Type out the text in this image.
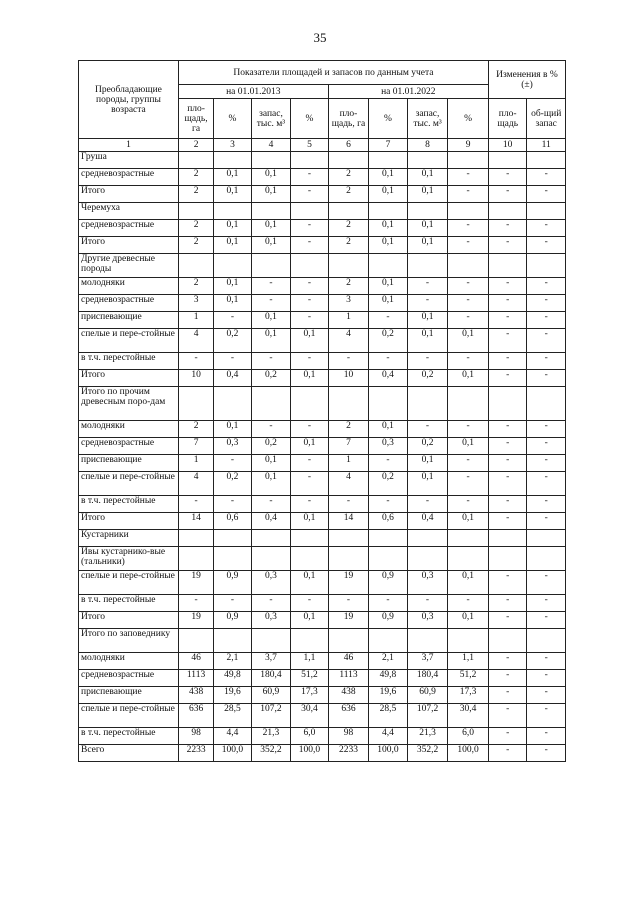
35
Преобладающие породы, группы возраста	Показатели площадей и запасов по данным учета								Изменения в % (±)	
	на 01.01.2013				на 01.01.2022					
	пло-щадь, га	%	запас, тыс. м³	%	пло-щадь, га	%	запас, тыс. м³	%	пло-щадь	об-щий запас
1	2	3	4	5	6	7	8	9	10	11
Груша										
средневозрастные	2	0,1	0,1	-	2	0,1	0,1	-	-	-
Итого	2	0,1	0,1	-	2	0,1	0,1	-	-	-
Черемуха										
средневозрастные	2	0,1	0,1	-	2	0,1	0,1	-	-	-
Итого	2	0,1	0,1	-	2	0,1	0,1	-	-	-
Другие древесные породы										
молодняки	2	0,1	-	-	2	0,1	-	-	-	-
средневозрастные	3	0,1	-	-	3	0,1	-	-	-	-
приспевающие	1	-	0,1	-	1	-	0,1	-	-	-
спелые и пере-стойные	4	0,2	0,1	0,1	4	0,2	0,1	0,1	-	-
в т.ч. перестойные	-	-	-	-	-	-	-	-	-	-
Итого	10	0,4	0,2	0,1	10	0,4	0,2	0,1	-	-
Итого по прочим древесным поро-дам										
молодняки	2	0,1	-	-	2	0,1	-	-	-	-
средневозрастные	7	0,3	0,2	0,1	7	0,3	0,2	0,1	-	-
приспевающие	1	-	0,1	-	1	-	0,1	-	-	-
спелые и пере-стойные	4	0,2	0,1	-	4	0,2	0,1	-	-	-
в т.ч. перестойные	-	-	-	-	-	-	-	-	-	-
Итого	14	0,6	0,4	0,1	14	0,6	0,4	0,1	-	-
Кустарники										
Ивы кустарнико-вые (тальники)										
спелые и пере-стойные	19	0,9	0,3	0,1	19	0,9	0,3	0,1	-	-
в т.ч. перестойные	-	-	-	-	-	-	-	-	-	-
Итого	19	0,9	0,3	0,1	19	0,9	0,3	0,1	-	-
Итого по заповеднику										
молодняки	46	2,1	3,7	1,1	46	2,1	3,7	1,1	-	-
средневозрастные	1113	49,8	180,4	51,2	1113	49,8	180,4	51,2	-	-
приспевающие	438	19,6	60,9	17,3	438	19,6	60,9	17,3	-	-
спелые и пере-стойные	636	28,5	107,2	30,4	636	28,5	107,2	30,4	-	-
в т.ч. перестойные	98	4,4	21,3	6,0	98	4,4	21,3	6,0	-	-
Всего	2233	100,0	352,2	100,0	2233	100,0	352,2	100,0	-	-
